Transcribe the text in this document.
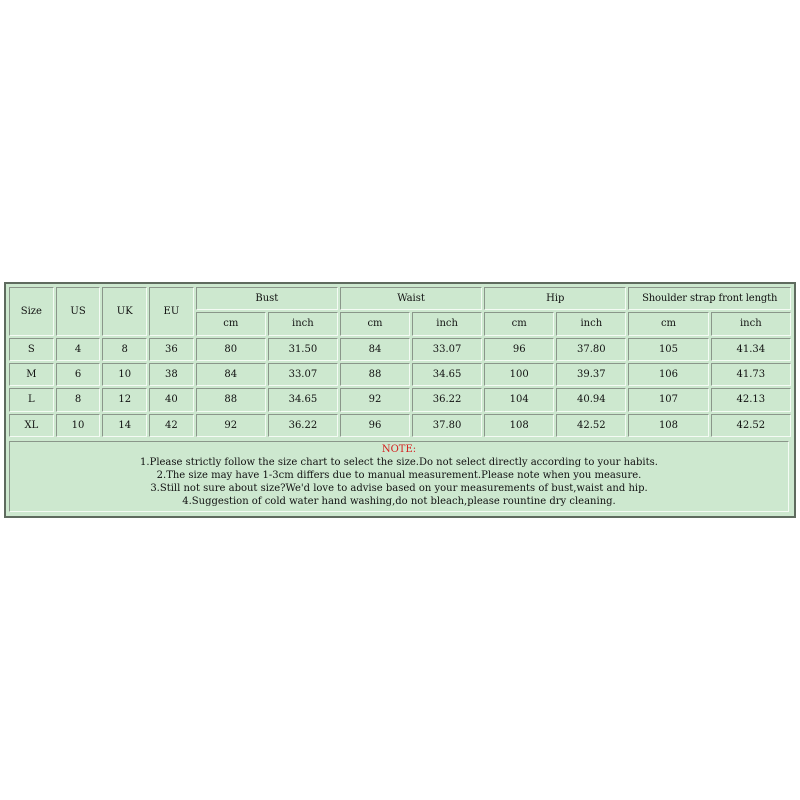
Size	US	UK	EU	Bust		Waist		Hip		Shoulder strap front length	
				cm	inch	cm	inch	cm	inch	cm	inch
S	4	8	36	80	31.50	84	33.07	96	37.80	105	41.34
M	6	10	38	84	33.07	88	34.65	100	39.37	106	41.73
L	8	12	40	88	34.65	92	36.22	104	40.94	107	42.13
XL	10	14	42	92	36.22	96	37.80	108	42.52	108	42.52
NOTE:
1.Please strictly follow the size chart to select the size.Do not select directly according to your habits.
2.The size may have 1-3cm differs due to manual measurement.Please note when you measure.
3.Still not sure about size?We'd love to advise based on your measurements of bust,waist and hip.
4.Suggestion of cold water hand washing,do not bleach,please rountine dry cleaning.
